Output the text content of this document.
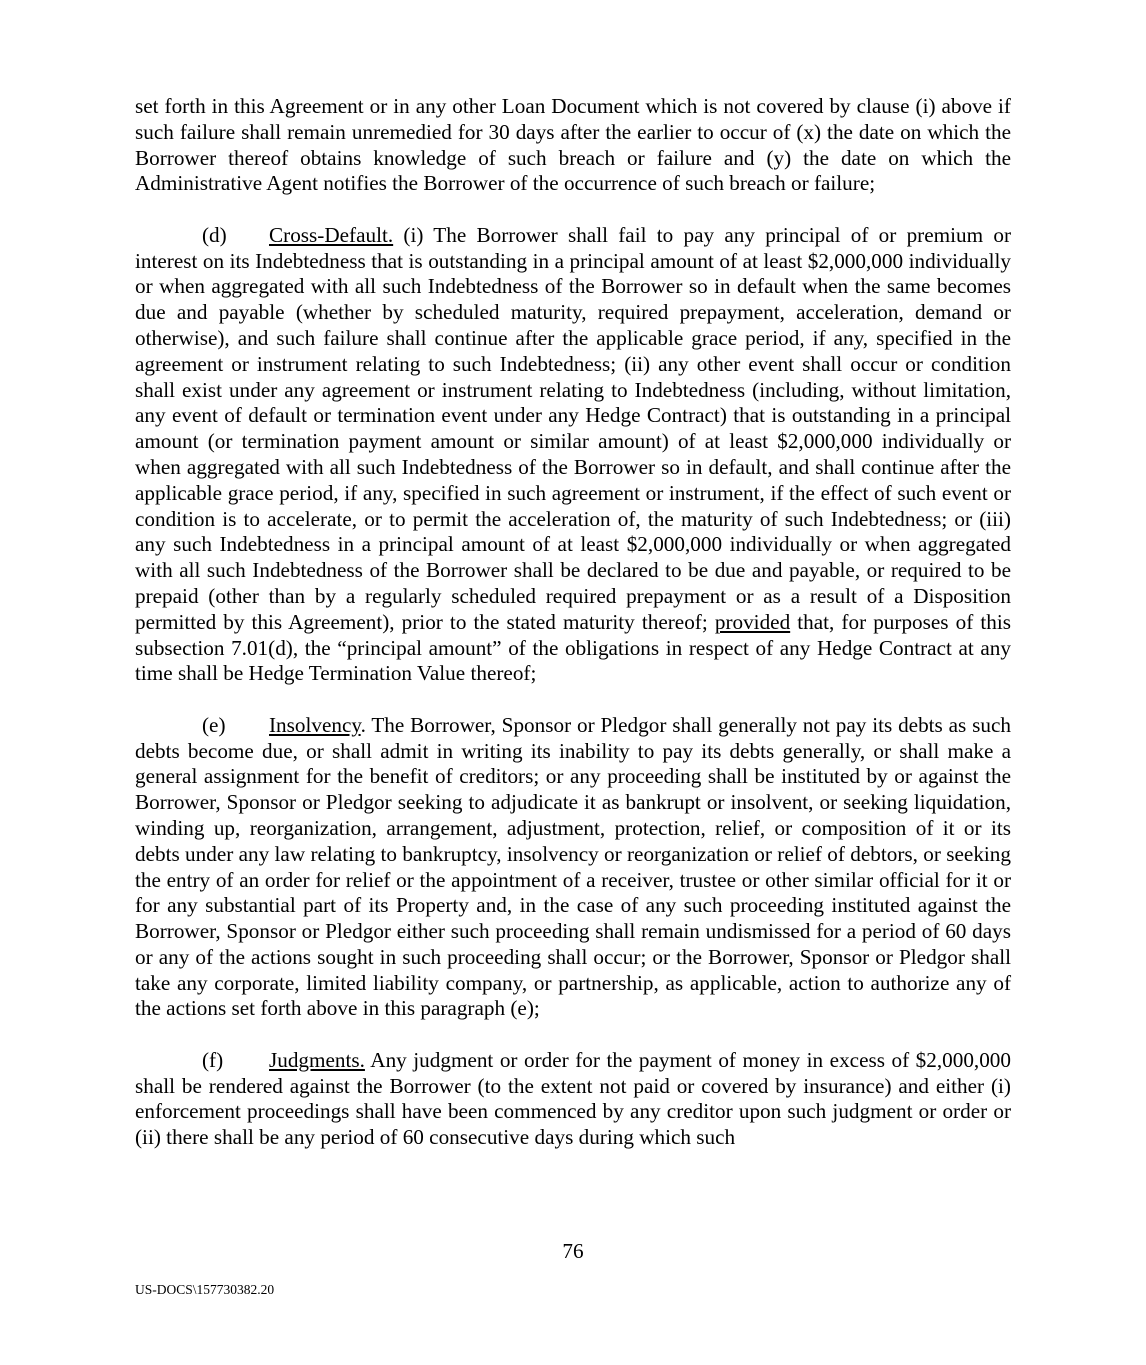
set forth in this Agreement or in any other Loan Document which is not covered by clause (i) above if such failure shall remain unremedied for 30 days after the earlier to occur of (x) the date on which the Borrower thereof obtains knowledge of such breach or failure and (y) the date on which the Administrative Agent notifies the Borrower of the occurrence of such breach or failure;

(d) Cross-Default. (i) The Borrower shall fail to pay any principal of or premium or interest on its Indebtedness that is outstanding in a principal amount of at least $2,000,000 individually or when aggregated with all such Indebtedness of the Borrower so in default when the same becomes due and payable (whether by scheduled maturity, required prepayment, acceleration, demand or otherwise), and such failure shall continue after the applicable grace period, if any, specified in the agreement or instrument relating to such Indebtedness; (ii) any other event shall occur or condition shall exist under any agreement or instrument relating to Indebtedness (including, without limitation, any event of default or termination event under any Hedge Contract) that is outstanding in a principal amount (or termination payment amount or similar amount) of at least $2,000,000 individually or when aggregated with all such Indebtedness of the Borrower so in default, and shall continue after the applicable grace period, if any, specified in such agreement or instrument, if the effect of such event or condition is to accelerate, or to permit the acceleration of, the maturity of such Indebtedness; or (iii) any such Indebtedness in a principal amount of at least $2,000,000 individually or when aggregated with all such Indebtedness of the Borrower shall be declared to be due and payable, or required to be prepaid (other than by a regularly scheduled required prepayment or as a result of a Disposition permitted by this Agreement), prior to the stated maturity thereof; provided that, for purposes of this subsection 7.01(d), the “principal amount” of the obligations in respect of any Hedge Contract at any time shall be Hedge Termination Value thereof;

(e) Insolvency. The Borrower, Sponsor or Pledgor shall generally not pay its debts as such debts become due, or shall admit in writing its inability to pay its debts generally, or shall make a general assignment for the benefit of creditors; or any proceeding shall be instituted by or against the Borrower, Sponsor or Pledgor seeking to adjudicate it as bankrupt or insolvent, or seeking liquidation, winding up, reorganization, arrangement, adjustment, protection, relief, or composition of it or its debts under any law relating to bankruptcy, insolvency or reorganization or relief of debtors, or seeking the entry of an order for relief or the appointment of a receiver, trustee or other similar official for it or for any substantial part of its Property and, in the case of any such proceeding instituted against the Borrower, Sponsor or Pledgor either such proceeding shall remain undismissed for a period of 60 days or any of the actions sought in such proceeding shall occur; or the Borrower, Sponsor or Pledgor shall take any corporate, limited liability company, or partnership, as applicable, action to authorize any of the actions set forth above in this paragraph (e);

(f) Judgments. Any judgment or order for the payment of money in excess of $2,000,000 shall be rendered against the Borrower (to the extent not paid or covered by insurance) and either (i) enforcement proceedings shall have been commenced by any creditor upon such judgment or order or (ii) there shall be any period of 60 consecutive days during which such

76
US-DOCS\157730382.20
